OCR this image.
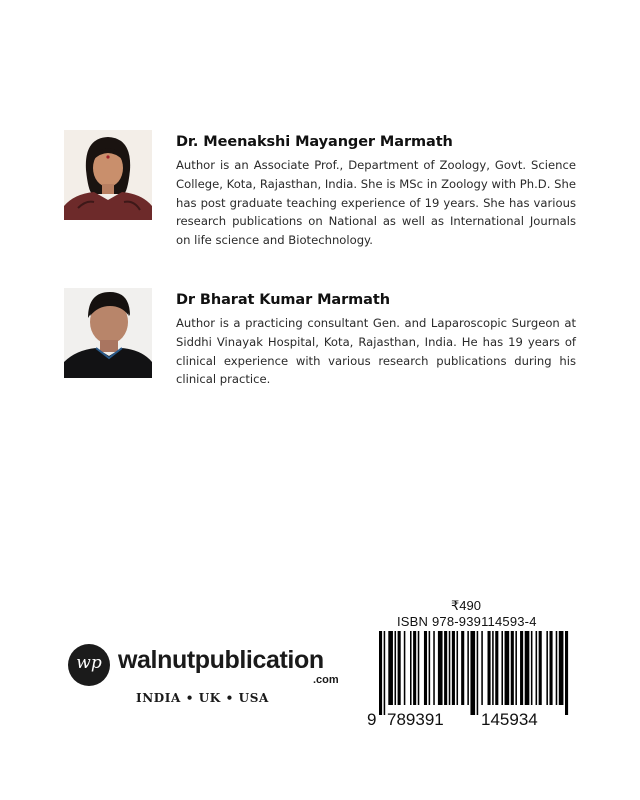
Dr. Meenakshi Mayanger Marmath

Author is an Associate Prof., Department of Zoology, Govt. Science College, Kota, Rajasthan, India. She is MSc in Zoology with Ph.D. She has post graduate teaching experience of 19 years. She has various research publications on National as well as International Journals on life science and Biotechnology.

Dr Bharat Kumar Marmath

Author is a practicing consultant Gen. and Laparoscopic Surgeon at Siddhi Vinayak Hospital, Kota, Rajasthan, India. He has 19 years of clinical experience with various research publications during his clinical practice.

wp walnutpublication
.com
INDIA • UK • USA
₹490
ISBN 978-939114593-4
9 789391 145934
